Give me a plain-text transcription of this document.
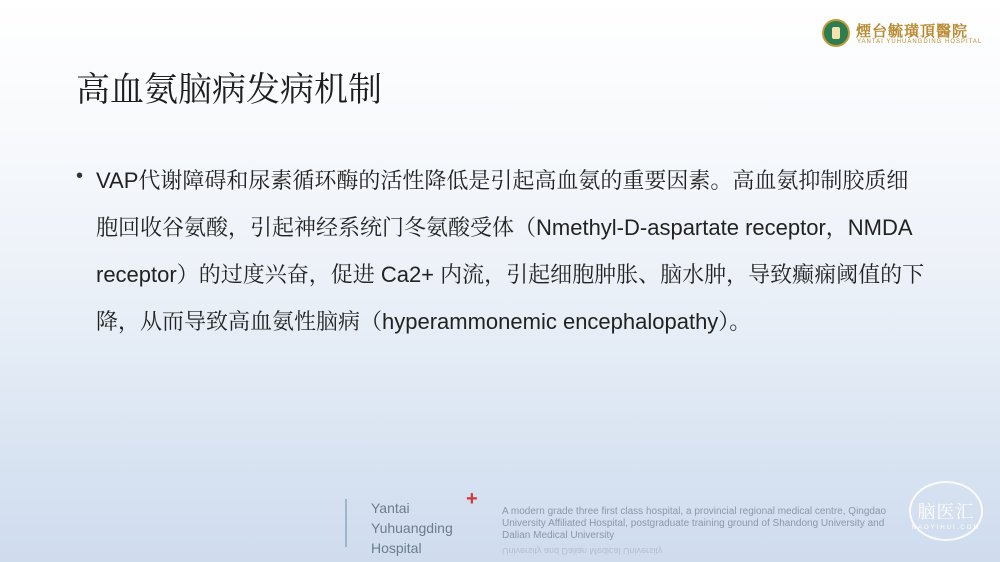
煙台毓璜頂醫院
YANTAI YUHUANGDING HOSPITAL
高血氨脑病发病机制
• VAP代谢障碍和尿素循环酶的活性降低是引起高血氨的重要因素。高血氨抑制胶质细胞回收谷氨酸，引起神经系统门冬氨酸受体（Nmethyl-D-aspartate receptor，NMDA receptor）的过度兴奋，促进 Ca2+ 内流，引起细胞肿胀、脑水肿，导致癫痫阈值的下降，从而导致高血氨性脑病（hyperammonemic encephalopathy）。

Yantai
Yuhuangding
Hospital
+
A modern grade three first class hospital, a provincial regional medical centre, Qingdao University Affiliated Hospital, postgraduate training ground of Shandong University and Dalian Medical University
University and Dalian Medical University
脑医汇
NAOYIHUI.COM
